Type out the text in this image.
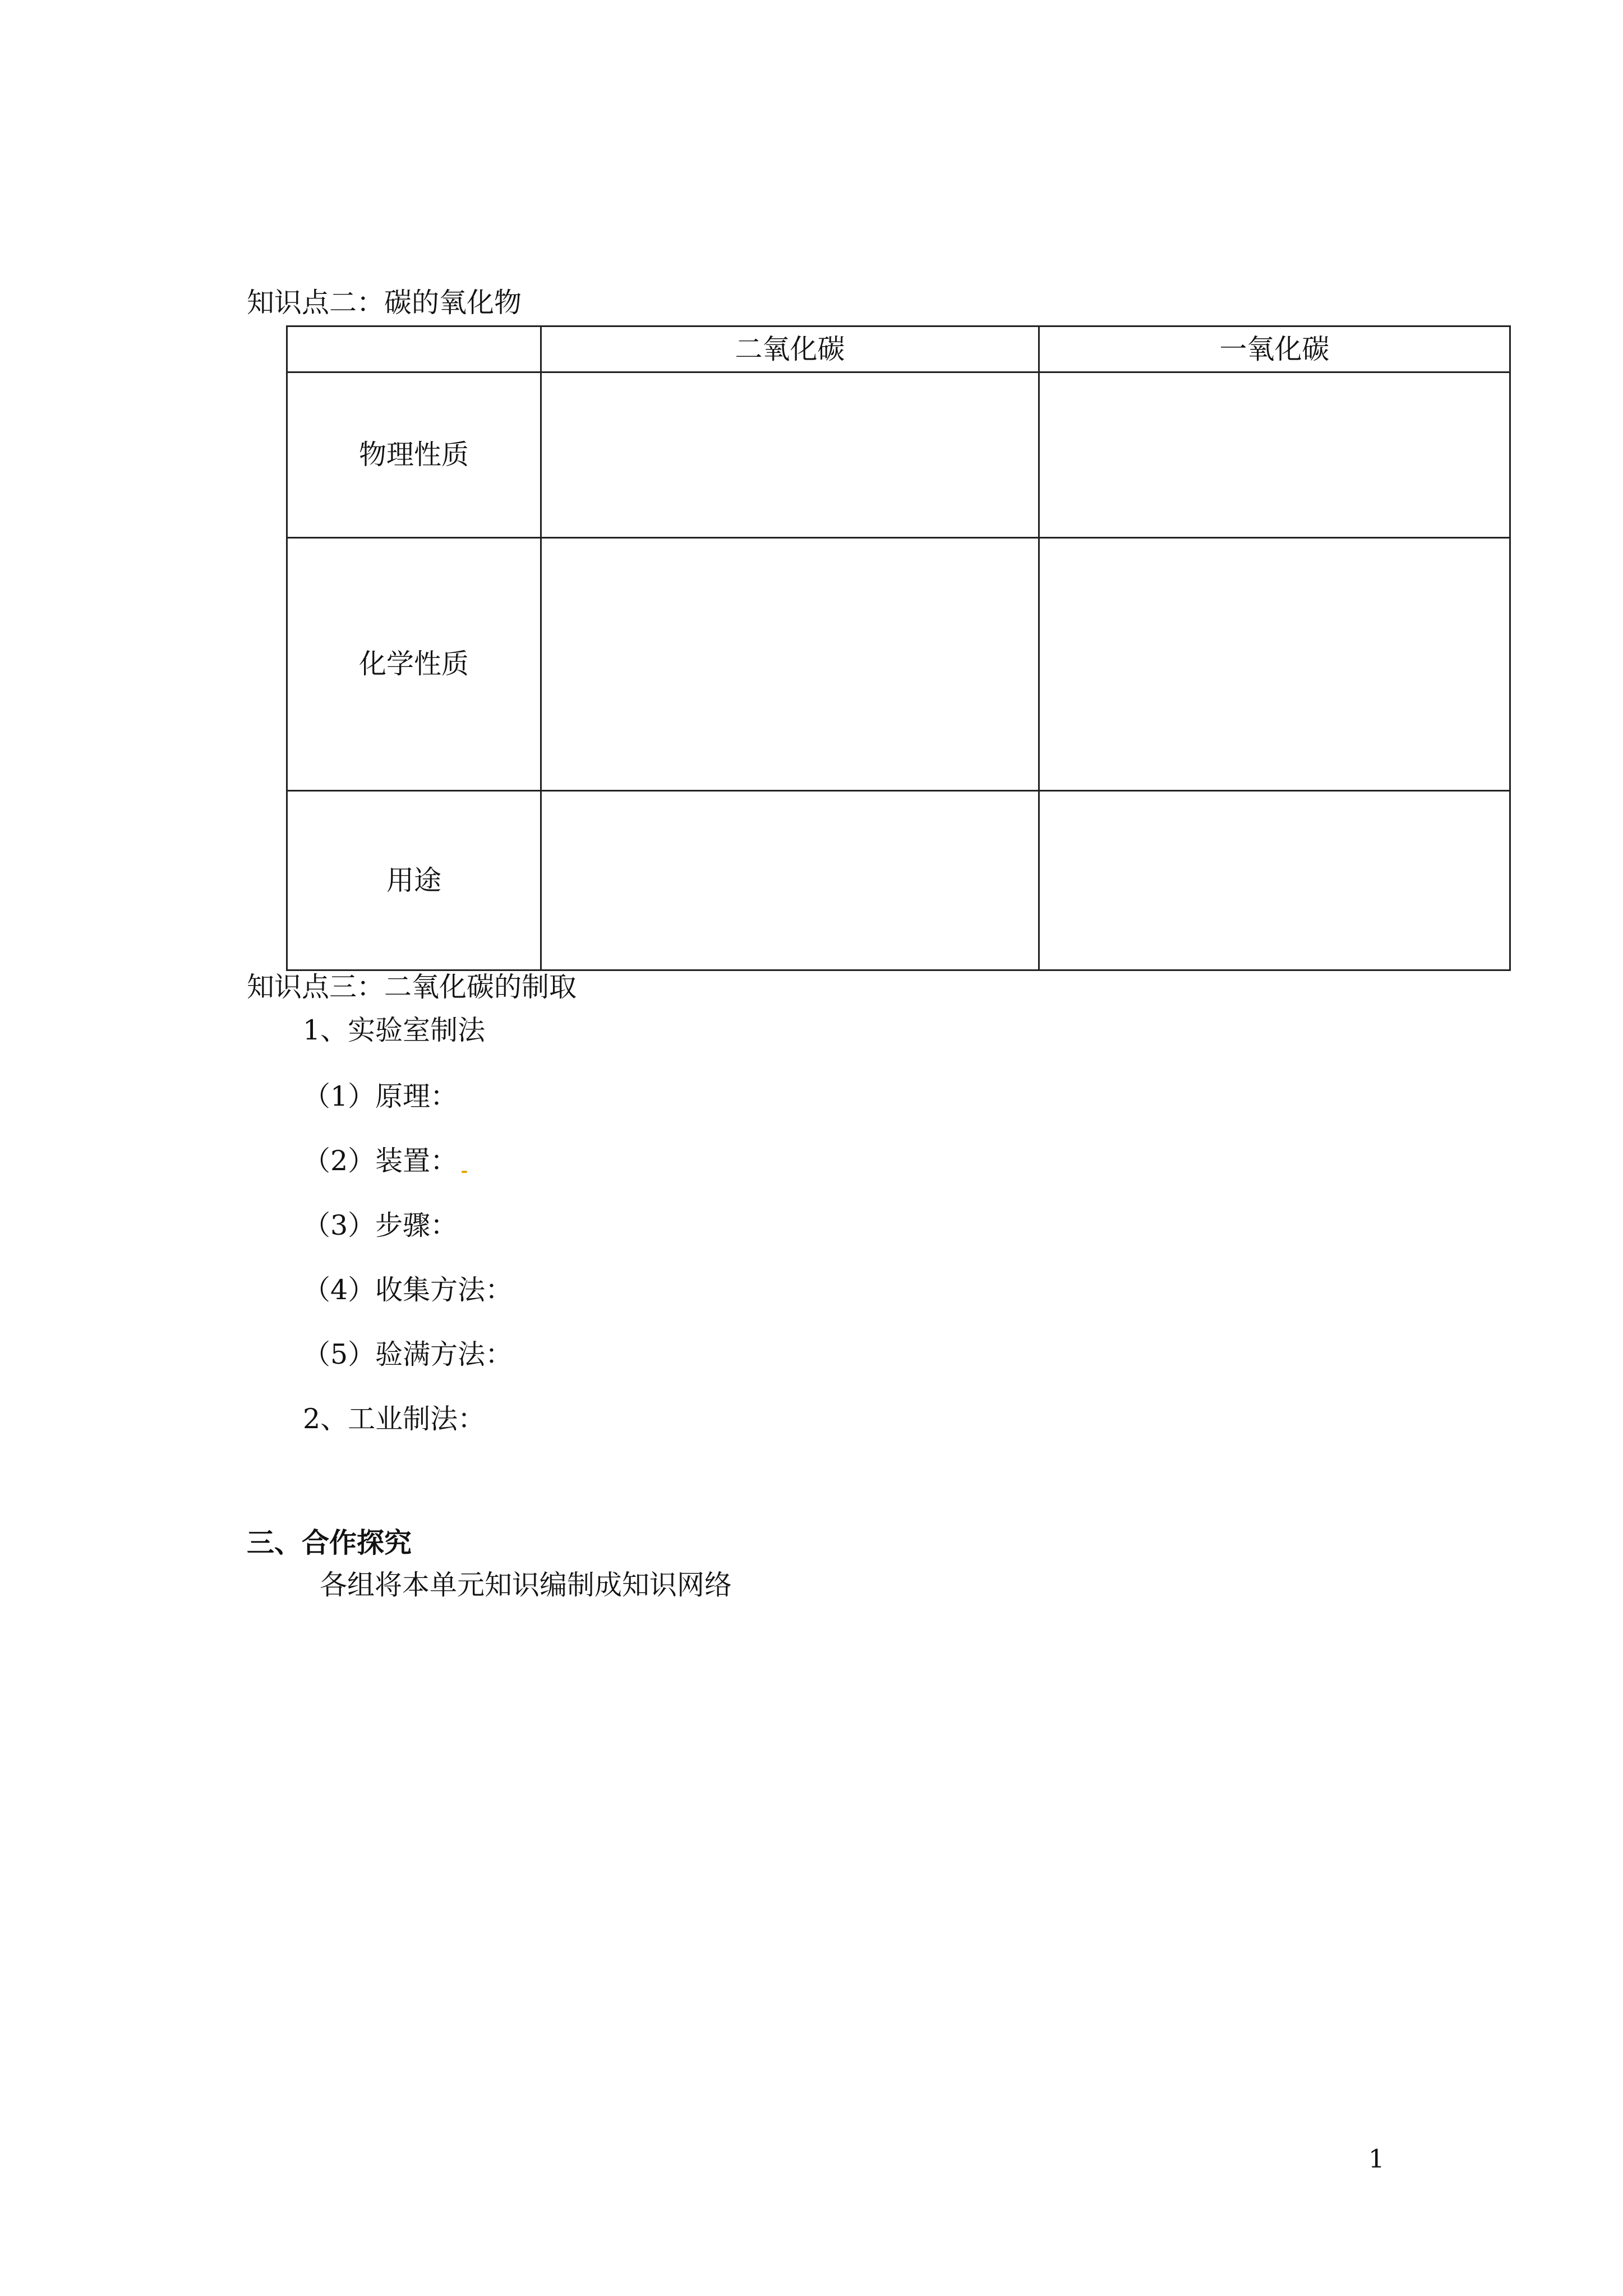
知识点二：碳的氧化物
	二氧化碳	一氧化碳
物理性质		
化学性质		
用途		
知识点三：二氧化碳的制取
1、实验室制法
（1）原理：
（2）装置：
（3）步骤：
（4）收集方法：
（5）验满方法：
2、工业制法：
三、合作探究
各组将本单元知识编制成知识网络
1
